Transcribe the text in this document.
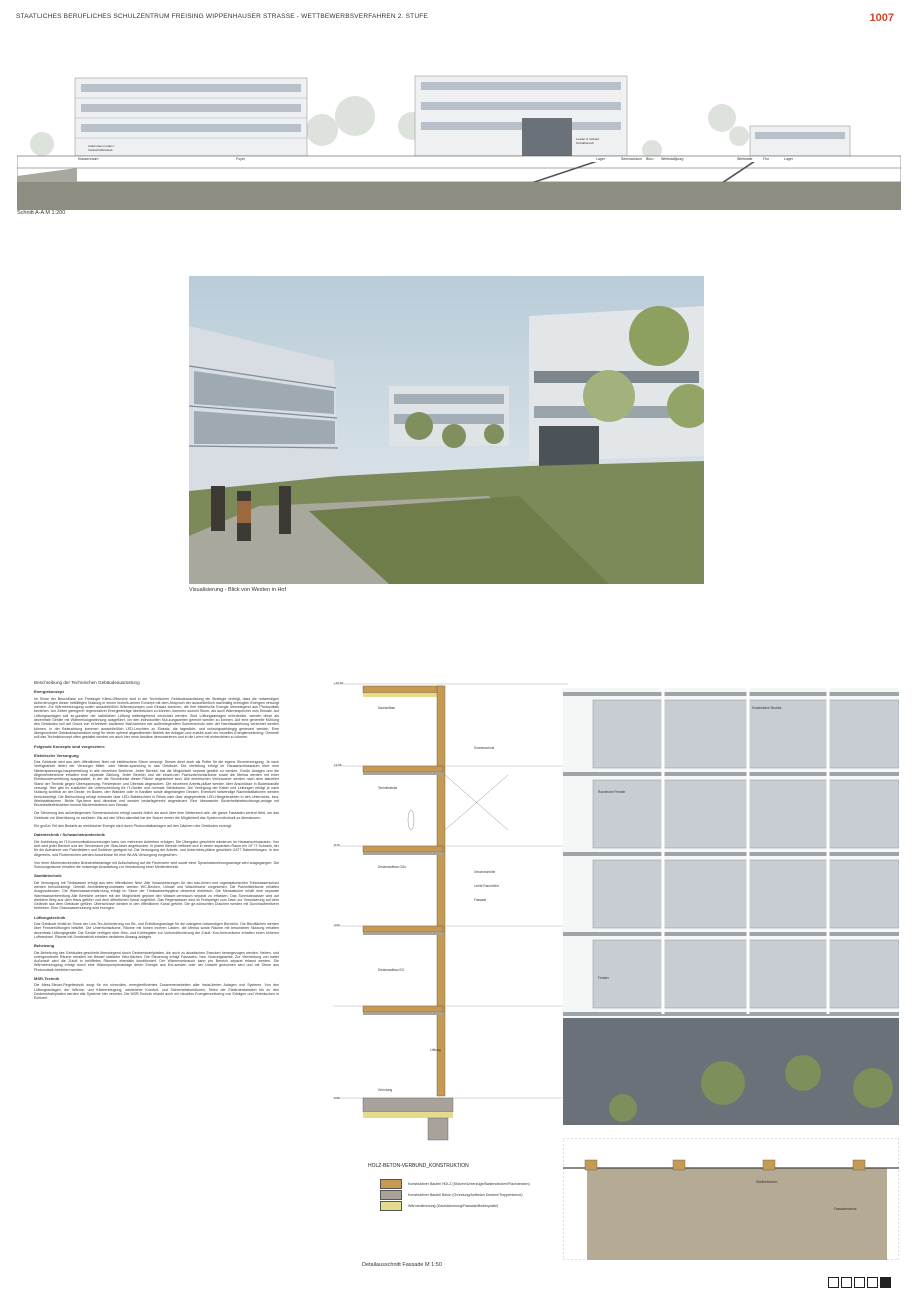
STAATLICHES BERUFLICHES SCHULZENTRUM FREISING WIPPENHAUSER STRASSE - WETTBEWERBSVERFAHREN 2. STUFE	1007
Klassenraum	Foyer	Lager	Seminarraum Büro Werkstattjourg	Werkhalle	Flur	Lager
Außenraum Laden / Vordach/Werkstatt
Leader & Verkauf Sozialbereich
Schnitt A-A M 1:200
Visualisierung - Blick von Westen in Hof
Beschreibung der Technischen Gebäudeausrüstung
Energiekonzept

Im Sinne der Beschlüsse zur Freisinger Klima-Offensive wird in der Technischen Gebäudeausrüstung die Strategie verfolgt, dass die notwendigen Anforderungen dieser vielfältigen Nutzung in einem technik-armen Konzept mit dem Anspruch der ausschließlich nachhaltig erzeugten Energien versorgt werden. Zur Wärmeerzeugung sollen ausschließlich Wärmepumpen zum Einsatz kommen, die ihre elektrische Energie überwiegend aus Photovoltaik beziehen. Um Zeiten geringerer regenerativer Energieerträge überbrücken zu können, kommen sowohl Strom- als auch Wärmespeicher zum Einsatz. Auf Lüftungsanlagen soll zu-gunsten der natürlichen Lüftung weitestgehend verzichtet werden. Sind Lüftungsanlagen erforderlich, werden diese als dezentrale Geräte mit Wärmerückgewinnung ausgeführt, um den individuellen Nut-zungszeiten gerecht werden zu können. Auf eine generelle Kühlung des Gebäudes soll auf Grund von ef-fektiven baulichen Maßnahmen wie außenliegendem Sonnenschutz oder der Nachtauskühlung verzichtet werden können. In der Beleuchtung kommen ausschließlich LED-Leuchten zu Einsatz, die tageslicht- und nutzungsabhängig gesteuert werden. Eine übergeordnete Gebäudeautomation sorgt für einen optimal abgestimmten Betrieb der Anlagen und erlaubt auch ein visuelles Energiemonitoring. Generell soll das Technikkonzept offen gestaltet werden um auch hier neue Ansätze demonstrieren und in die Lehre mit einbeziehen zu können.

Folgende Konzepte sind vorgesehen:
Elektrische Versorgung

Das Gebäude wird aus dem öffentlichen Netz mit elektrischem Strom versorgt. Dieses dient auch als Puffer für die eigene Stromerzeugung. Je nach Verfügbarkeit liefert der Versorger Mittel- oder Nieder-spannung in das Gebäude. Die Verteilung erfolgt im Hausanschlussraum über eine Niederspannungs-hauptverteilung in alle einzelnen Bereiche. Jeder Bereich hat die Möglichkeit separat gezählt zu werden. Große Anlagen und die Allgemeinbereiche erhalten eine separate Zählung. Jeder Bereich und die einzel-nen Fachunterrichtsräume sowie die Mensa werden mit einer Elektrounterverteilung ausgestattet, in der die Stromkreise dieser Fläche abgesichert sind. Alle elektrischen Verbraucher werden nach dem aktuellen Stand der Technik gegen Überspannung, Fehlerstrom und Überlast abgesichert. Die einzelnen Arbeits-plätze werden über Anschlüsse in Bodenkanäle versorgt. Hier gibt es zusätzlich die Unterscheidung für IT-Geräte und normale Steckdosen. Die Verlegung der Kabel und Leitungen erfolgt je nach Nutzung sichtbar an der Decke, im Boden, den Wänden oder in Kanälen sowie abgehängten Decken. Eventuell notwendige Nachinstallationen werden berücksichtigt. Die Beleuchtung erfolgt entweder über LED-Stableuchten in Büros oder über abgependelte LED-Hängeleuchten in den Unterrichts- bzw. Werkstatträumen. Beide Sys-teme sind dimmbar und werden bedarfsgerecht angesteuert. Eine überwachte Sicherheitsbeleuchtungs-anlage mit Einzelbatterieleuchten kommt flächendeckend zum Einsatz.

Die Steuerung des außenliegenden Sonnenschutzes erfolgt sowohl örtlich als auch über eine Wetterzent-rale, die ganze Fassaden zentral fährt, um das Gebäude vor Überhitzung zu schützen. Bis auf den Wind-alarmfall hat der Nutzer immer die Möglichkeit das System individuell zu übersteuern.

Ein großer Teil des Bedarfs an elektrischer Energie wird durch Photovoltaikanlagen auf den Dächern des Gebäudes erzeugt.

Datentechnik / Schwachstromtechnik

Die Anbindung an IT-Kommunikationsversorger kann von mehreren Anbietern erfolgen. Die Übergabe geschieht wiederum im Hausanschlussraum. Von dort wird jeder Bereich und der Serverraum per Glas-faser angebunden. In jedem Bereich befindet sich in einem separaten Raum ein 19" IT-Schrank, der für die Aufnahme von Patchfeldern und Switchen geeignet ist. Die Versorgung der Arbeits- und Unterrichts-plätze geschieht CAT7 Datenleitungen. In den Allgemein- und Flurbereichen werden Anschlüsse für eine WLAN-Versorgung vorgesehen.

Von einer flächendeckenden Brandmeldeanlage mit Aufschaltung auf die Feuerwehr wird sowie einer Sprachalarmierungsanlage wird ausgegangen. Die Schulungsräume erhalten die notwenige Ausstattung zur Vernässtung einer Medientechnik.

Sanitärtechnik

Die Versorgung mit Trinkwasser erfolgt aus dem öffentlichen Netz. Alle Voraussetzungen für den bau-lichen und organisatorischen Trinkwasserschutz werden berücksichtigt. Gemäß Architektengrundrissen werden WC-Becken, Urinale und Waschtische vorgesehen. Die Putzmittelräume erhalten Ausgussbecken. Die Warmwassererwärmung erfolgt im Sinne der Trinkwasserhygiene dezentral elektrisch. Die Mensaküche erhält eine separate Warmwasserbereitung Alle Bereiche werden mit der Möglichkeit geplant den Wasser-verbrauch separat zu erfassen. Das Schmutzwasser wird auf direktem Weg aus dem Haus geführt und dem öffentlichen Kanal zugeführt. Das Regenwasser wird im Freispeigel vom Dach zur Versickerung auf dem Gelände aus dem Gebäude geführt. Überschüsse werden in den öffentlichen Kanal geführt. Die ge-wünschten Duschen werden mit Durchlauferhitzern betrieben. Eine Grauwassernutzung wird erwogen.

Lüftungstechnik

Das Gebäude erhält im Sinne der Low-Tec-Anforderung nur Be- und Entlüftungsanlage für die zwingend notwendigen Bereiche. Die Büroflächen werden über Fensterlüftungen belüftet. Die Unterrichtsräume, Räume mit hohen inneren Lasten, die Mensa sowie Räume mit besonderer Nutzung erhalten dezentrale Lüftungsgeräte. Die Geräte verfügen über Heiz- und Kühlregister zur Vorkonditionierung der Zuluft. Kon-ferenzräume erhalten einen höheren Luftwechsel. Räume mit Sonderabluft erhalten dedizierte Absaug-anlagen.

Beheizung

Die Beheizung des Gebäudes geschieht überwiegend durch Deckenstrahlplatten, die auch zu akustischen Zwecken herangezogen werden. Neben- und untergeordnete Räume erhalten bei Bedarf statische Heiz-flächen. Die Steuerung erfolgt Fassaden- bzw. Nutzungsweise. Zur Vermeidung von kalter Außenluft wird die Zuluft in belüfteten Räumen ebenfalls konditioniert. Der Wärmeverbrauch kann pro Bereich separat erfasst werden. Die Wärmeerzeugung erfolgt durch eine Wärmepumpenanlage deren Energie aus Erd-sonden oder der Umwelt gewonnen wird und mit Strom aus Photovoltaik betrieben werden.

MSR-Technik

Die Mess-Steuer-Regeltechnik sorgt für ein sinnvolles, energieeffizientes Zusammenarbeiten aller instal-lierten Anlagen und Systeme. Von den Lüftungsanlagen, der Wärme- und Kälteerzeugung, zahlreicher Komfort- und Sicherheitsfunktionen, Teilen der Elektroinstallation bis zu den Deckenstrahlplatten werden alle Systeme hier vernetzt. Die MSR-Technik erlaubt auch ein visuelles Energiemonitoring von Erträgen und Verbräuchen in Echtzeit.

+16.50
12.65
8.75
4.60
0.00
Dachaufbau
Sonnenschutz
Technikdecke
Deckenaufbau OGs
Geschosshöhe
Lichte Raumhöhe
Fassade
Deckenaufbau EG
Lüftung
Gründung
Konstruktive Struktur
Raumhohe Fenster
Fenster
Stahlbetonkern
Fassadenachse
HOLZ-BETON-VERBUND_KONSTRUKTION
Konstruktiver Bauteil HOLZ (Stützen/Unterzüge/Balkendecken/Flachdecken)
Konstruktiver Bauteil Beton (Gründung/Aufbeton Decken/Treppenkerne)
Wärmedämmung (Dachdämmung/Fassade/Bodenplatte)
Detailausschnitt Fassade M 1:50
